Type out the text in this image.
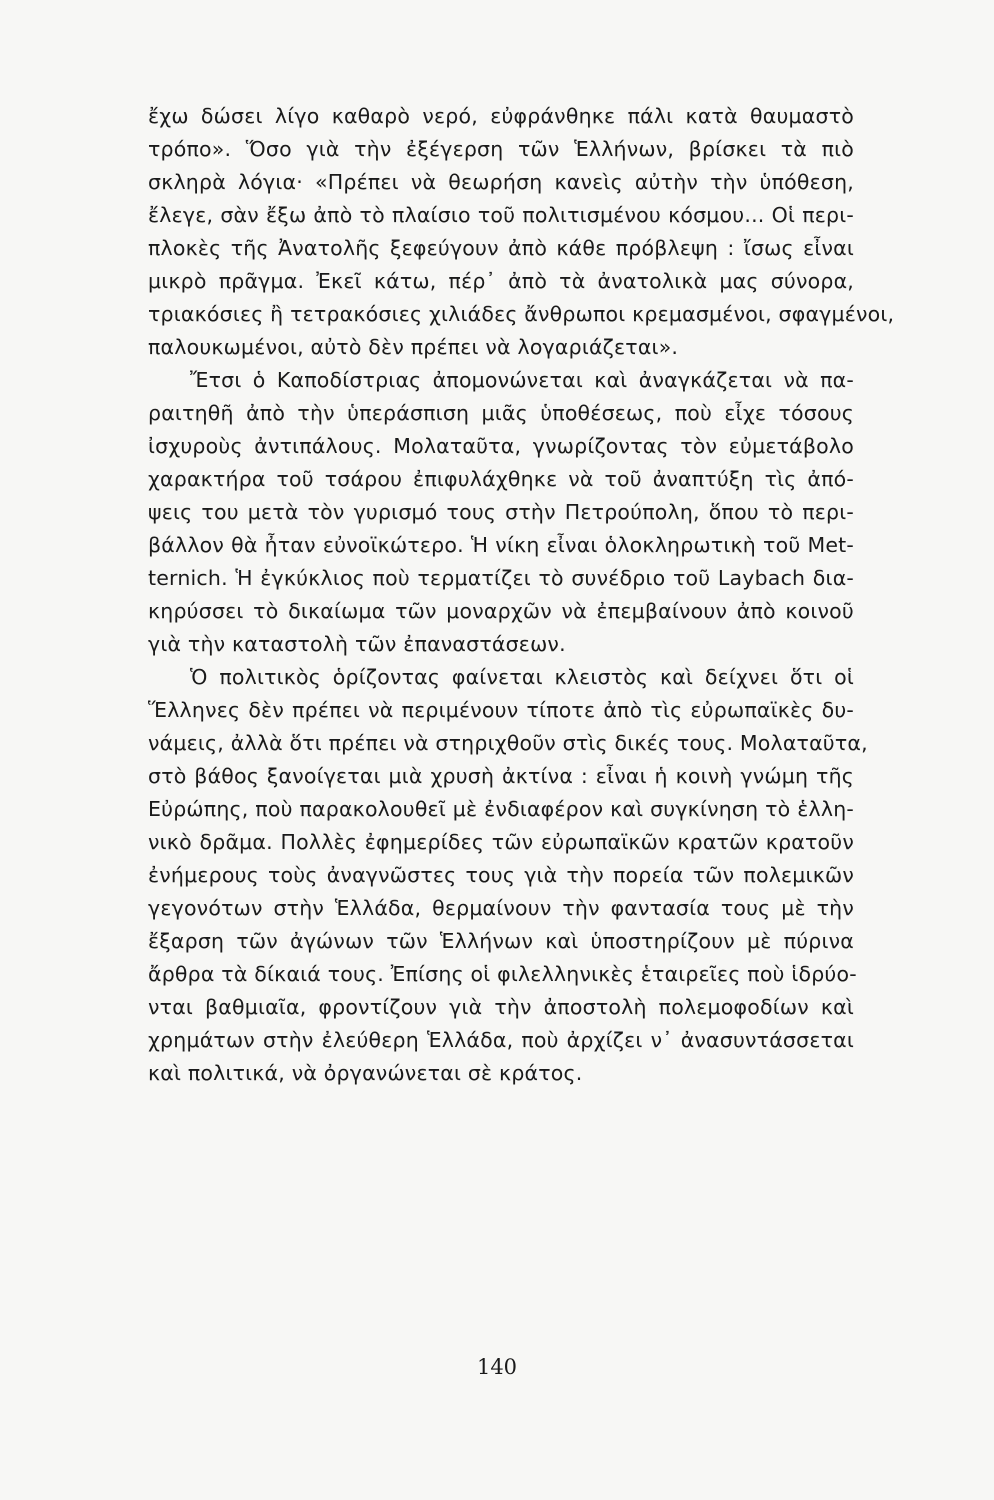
ἔχω δώσει λίγο καθαρὸ νερό, εὐφράνθηκε πάλι κατὰ θαυμαστὸ
τρόπο». Ὅσο γιὰ τὴν ἐξέγερση τῶν Ἑλλήνων, βρίσκει τὰ πιὸ
σκληρὰ λόγια· «Πρέπει νὰ θεωρήση κανεὶς αὐτὴν τὴν ὑπόθεση,
ἔλεγε, σὰν ἔξω ἀπὸ τὸ πλαίσιο τοῦ πολιτισμένου κόσμου... Οἱ περι-
πλοκὲς τῆς Ἀνατολῆς ξεφεύγουν ἀπὸ κάθε πρόβλεψη : ἴσως εἶναι
μικρὸ πρᾶγμα. Ἐκεῖ κάτω, πέρ᾽ ἀπὸ τὰ ἀνατολικὰ μας σύνορα,
τριακόσιες ἢ τετρακόσιες χιλιάδες ἄνθρωποι κρεμασμένοι, σφαγμένοι,
παλουκωμένοι, αὐτὸ δὲν πρέπει νὰ λογαριάζεται».
Ἔτσι ὁ Καποδίστριας ἀπομονώνεται καὶ ἀναγκάζεται νὰ πα-
ραιτηθῆ ἀπὸ τὴν ὑπεράσπιση μιᾶς ὑποθέσεως, ποὺ εἶχε τόσους
ἰσχυροὺς ἀντιπάλους. Μολαταῦτα, γνωρίζοντας τὸν εὐμετάβολο
χαρακτήρα τοῦ τσάρου ἐπιφυλάχθηκε νὰ τοῦ ἀναπτύξη τὶς ἀπό-
ψεις του μετὰ τὸν γυρισμό τους στὴν Πετρούπολη, ὅπου τὸ περι-
βάλλον θὰ ἦταν εὐνοϊκώτερο. Ἡ νίκη εἶναι ὁλοκληρωτικὴ τοῦ Met-
ternich. Ἡ ἐγκύκλιος ποὺ τερματίζει τὸ συνέδριο τοῦ Laybach δια-
κηρύσσει τὸ δικαίωμα τῶν μοναρχῶν νὰ ἐπεμβαίνουν ἀπὸ κοινοῦ
γιὰ τὴν καταστολὴ τῶν ἐπαναστάσεων.
Ὁ πολιτικὸς ὁρίζοντας φαίνεται κλειστὸς καὶ δείχνει ὅτι οἱ
Ἕλληνες δὲν πρέπει νὰ περιμένουν τίποτε ἀπὸ τὶς εὐρωπαϊκὲς δυ-
νάμεις, ἀλλὰ ὅτι πρέπει νὰ στηριχθοῦν στὶς δικές τους. Μολαταῦτα,
στὸ βάθος ξανοίγεται μιὰ χρυσὴ ἀκτίνα : εἶναι ἡ κοινὴ γνώμη τῆς
Εὐρώπης, ποὺ παρακολουθεῖ μὲ ἐνδιαφέρον καὶ συγκίνηση τὸ ἑλλη-
νικὸ δρᾶμα. Πολλὲς ἐφημερίδες τῶν εὐρωπαϊκῶν κρατῶν κρατοῦν
ἐνήμερους τοὺς ἀναγνῶστες τους γιὰ τὴν πορεία τῶν πολεμικῶν
γεγονότων στὴν Ἑλλάδα, θερμαίνουν τὴν φαντασία τους μὲ τὴν
ἔξαρση τῶν ἀγώνων τῶν Ἑλλήνων καὶ ὑποστηρίζουν μὲ πύρινα
ἄρθρα τὰ δίκαιά τους. Ἐπίσης οἱ φιλελληνικὲς ἑταιρεῖες ποὺ ἱδρύο-
νται βαθμιαῖα, φροντίζουν γιὰ τὴν ἀποστολὴ πολεμοφοδίων καὶ
χρημάτων στὴν ἐλεύθερη Ἑλλάδα, ποὺ ἀρχίζει ν᾽ ἀνασυντάσσεται
καὶ πολιτικά, νὰ ὀργανώνεται σὲ κράτος.
140
